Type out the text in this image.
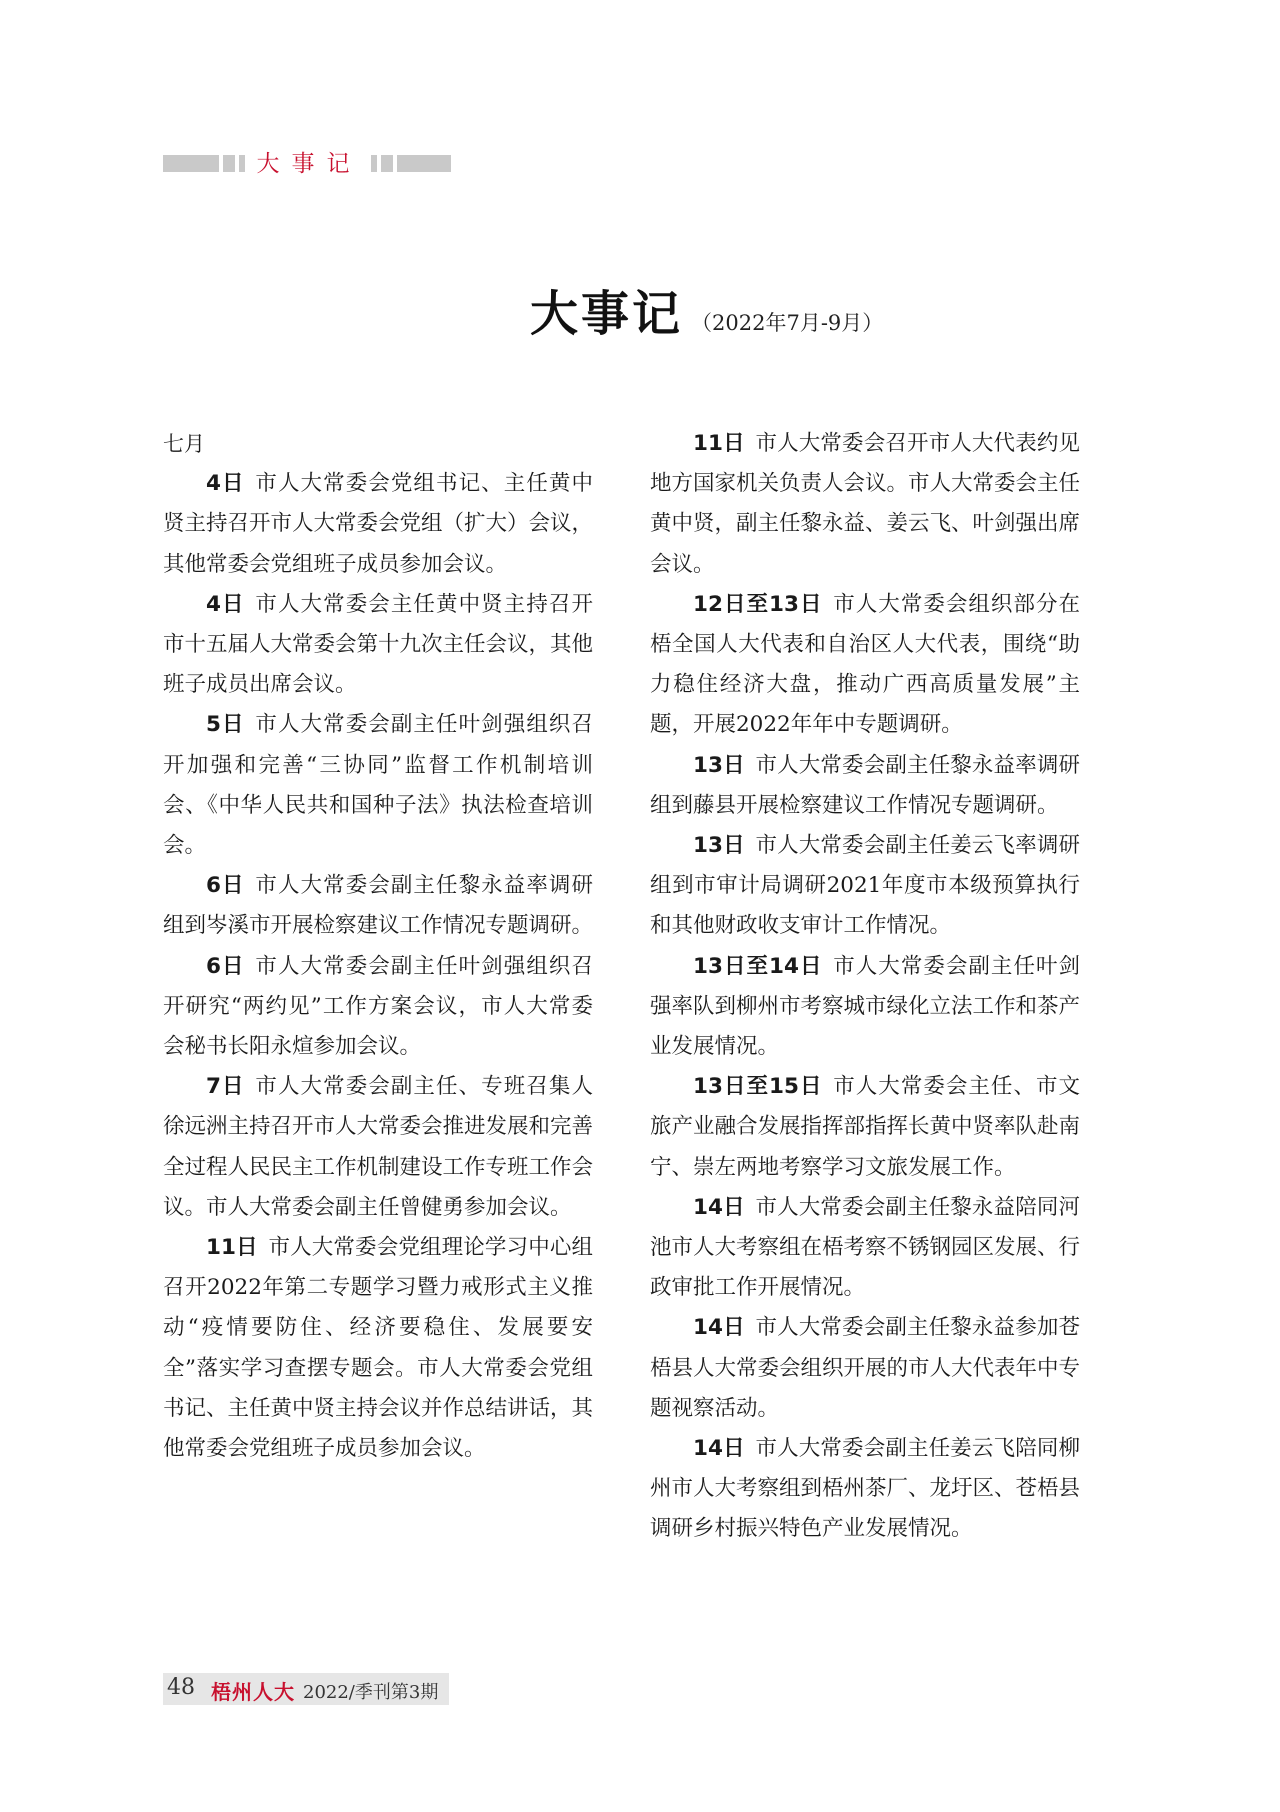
大事记
大事记 （2022年7月-9月）

七月

4日 市人大常委会党组书记、主任黄中贤主持召开市人大常委会党组（扩大）会议，其他常委会党组班子成员参加会议。

4日 市人大常委会主任黄中贤主持召开市十五届人大常委会第十九次主任会议，其他班子成员出席会议。

5日 市人大常委会副主任叶剑强组织召开加强和完善“三协同”监督工作机制培训会、《中华人民共和国种子法》执法检查培训会。

6日 市人大常委会副主任黎永益率调研组到岑溪市开展检察建议工作情况专题调研。

6日 市人大常委会副主任叶剑强组织召开研究“两约见”工作方案会议，市人大常委会秘书长阳永煊参加会议。

7日 市人大常委会副主任、专班召集人徐远洲主持召开市人大常委会推进发展和完善全过程人民民主工作机制建设工作专班工作会议。市人大常委会副主任曾健勇参加会议。

11日 市人大常委会党组理论学习中心组召开2022年第二专题学习暨力戒形式主义推动“疫情要防住、经济要稳住、发展要安全”落实学习查摆专题会。市人大常委会党组书记、主任黄中贤主持会议并作总结讲话，其他常委会党组班子成员参加会议。

11日 市人大常委会召开市人大代表约见地方国家机关负责人会议。市人大常委会主任黄中贤，副主任黎永益、姜云飞、叶剑强出席会议。

12日至13日 市人大常委会组织部分在梧全国人大代表和自治区人大代表，围绕“助力稳住经济大盘，推动广西高质量发展”主题，开展2022年年中专题调研。

13日 市人大常委会副主任黎永益率调研组到藤县开展检察建议工作情况专题调研。

13日 市人大常委会副主任姜云飞率调研组到市审计局调研2021年度市本级预算执行和其他财政收支审计工作情况。

13日至14日 市人大常委会副主任叶剑强率队到柳州市考察城市绿化立法工作和茶产业发展情况。

13日至15日 市人大常委会主任、市文旅产业融合发展指挥部指挥长黄中贤率队赴南宁、崇左两地考察学习文旅发展工作。

14日 市人大常委会副主任黎永益陪同河池市人大考察组在梧考察不锈钢园区发展、行政审批工作开展情况。

14日 市人大常委会副主任黎永益参加苍梧县人大常委会组织开展的市人大代表年中专题视察活动。

14日 市人大常委会副主任姜云飞陪同柳州市人大考察组到梧州茶厂、龙圩区、苍梧县调研乡村振兴特色产业发展情况。

48 梧州人大 2022/季刊第3期
